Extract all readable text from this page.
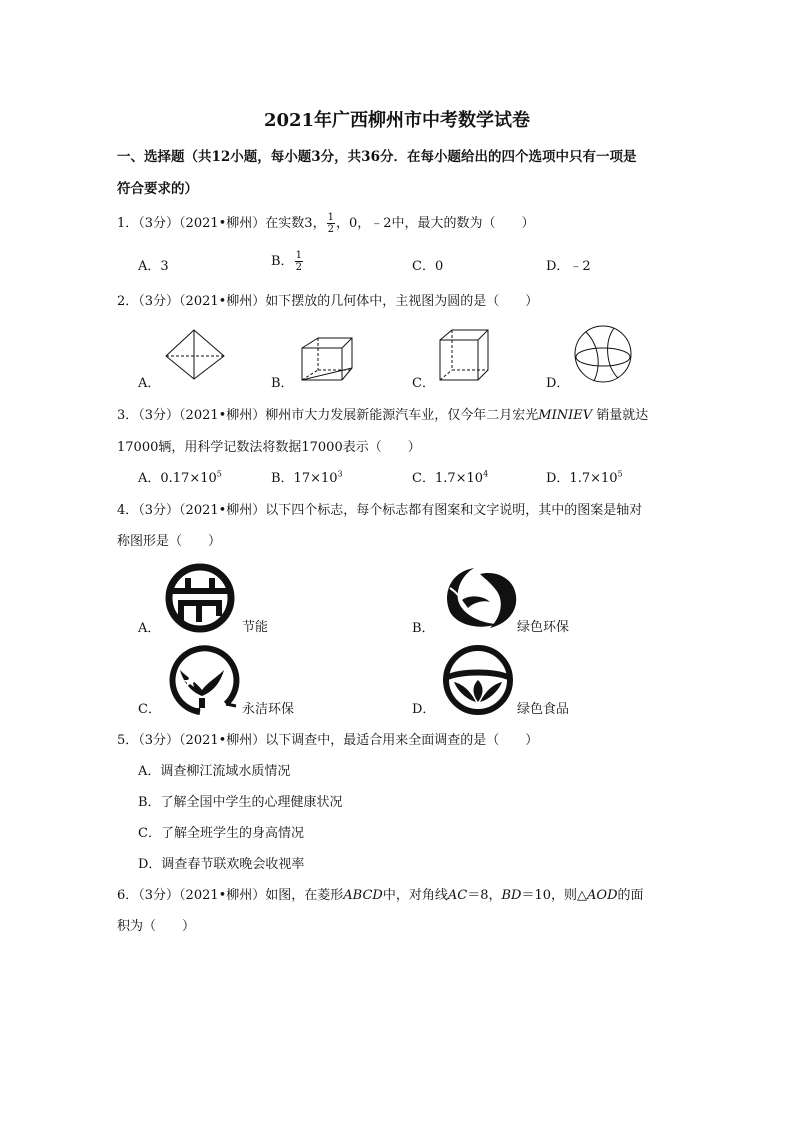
2021年广西柳州市中考数学试卷
一、选择题（共12小题，每小题3分，共36分．在每小题给出的四个选项中只有一项是
符合要求的）
1．（3分）（2021•柳州）在实数3， $\frac{1}{2}$ ，0，﹣2中，最大的数为（　　）
A．3	B． $\frac{1}{2}$	C．0	D．﹣2
2．（3分）（2021•柳州）如下摆放的几何体中，主视图为圆的是（　　）
A．	B．	C．	D．
3．（3分）（2021•柳州）柳州市大力发展新能源汽车业，仅今年二月宏光MINIEV 销量就达
17000辆，用科学记数法将数据17000表示（　　）
A．$0.17\times 10^5$	B．$17\times 10^3$	C．$1.7\times 10^4$	D．$1.7\times 10^5$
4．（3分）（2021•柳州）以下四个标志，每个标志都有图案和文字说明，其中的图案是轴对
称图形是（　　）
A．	节能	B．	绿色环保
C．	永洁环保	D．	绿色食品
5．（3分）（2021•柳州）以下调查中，最适合用来全面调查的是（　　）
A．调查柳江流域水质情况
B．了解全国中学生的心理健康状况
C．了解全班学生的身高情况
D．调查春节联欢晚会收视率
6．（3分）（2021•柳州）如图，在菱形ABCD中，对角线AC＝8，BD＝10，则△AOD的面
积为（　　）
